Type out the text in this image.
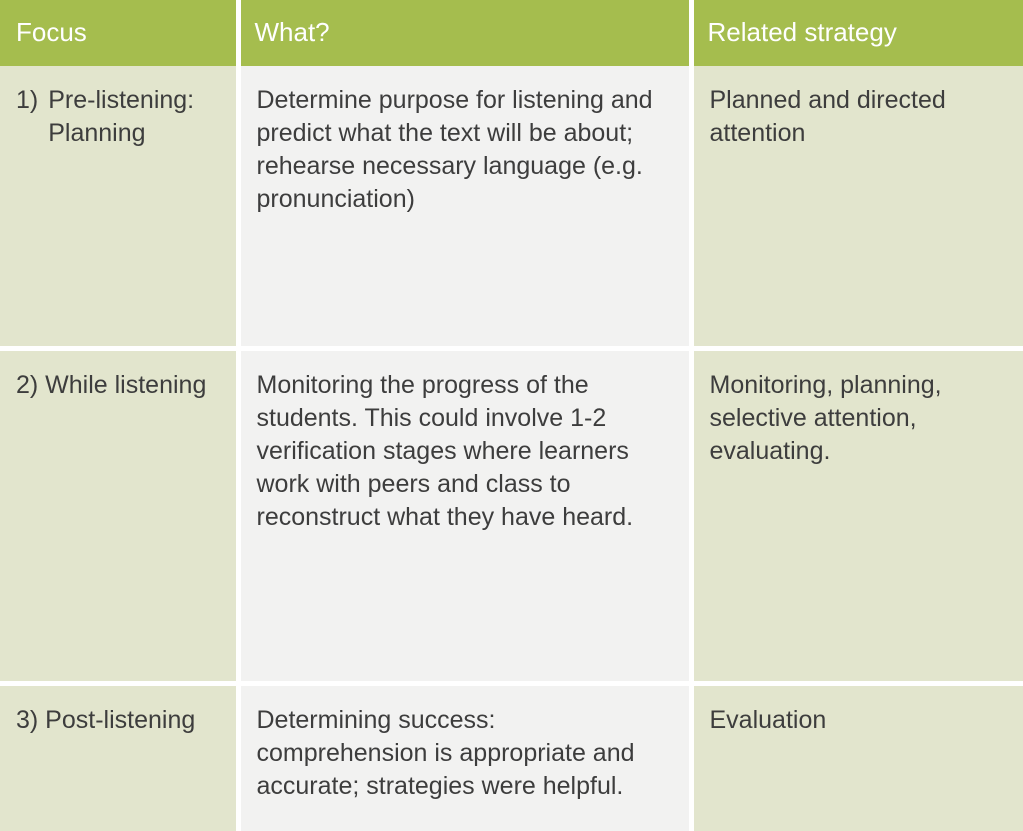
Focus	What?	Related strategy

1) Pre-listening: Planning	Determine purpose for listening and predict what the text will be about; rehearse necessary language (e.g. pronunciation)	Planned and directed attention

2) While listening	Monitoring the progress of the students. This could involve 1-2 verification stages where learners work with peers and class to reconstruct what they have heard.	Monitoring, planning, selective attention, evaluating.

3) Post-listening	Determining success: comprehension is appropriate and accurate; strategies were helpful.	Evaluation
